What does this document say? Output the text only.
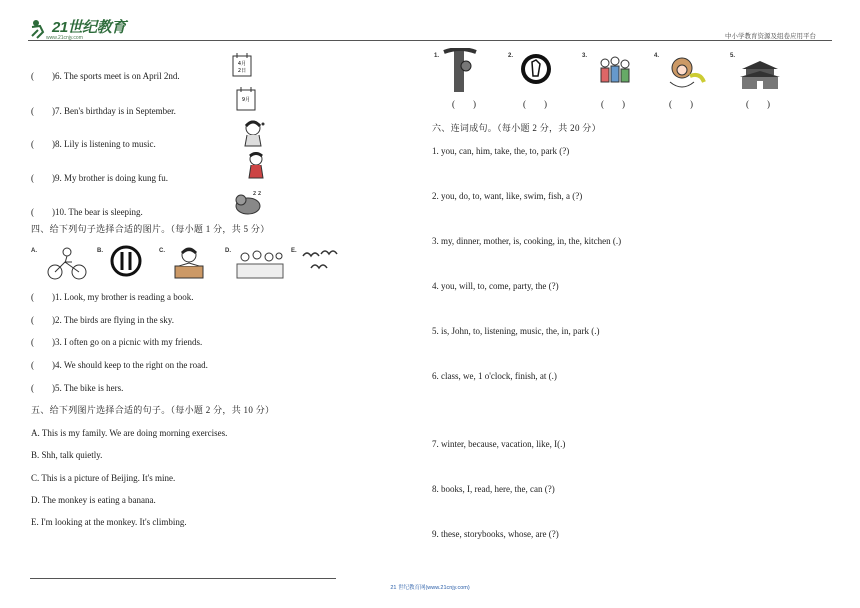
21世纪教育
www.21cnjy.com	中小学教育资源及组卷应用平台
( )6. The sports meet is on April 2nd.
( )7. Ben's birthday is in September.
( )8. Lily is listening to music.
( )9. My brother is doing kung fu.
( )10. The bear is sleeping.
4月
2日
9月
z z
四、给下列句子选择合适的图片。（每小题 1 分，共 5 分）
A.	B.	C.	D.	E.
( )1. Look, my brother is reading a book.
( )2. The birds are flying in the sky.
( )3. I often go on a picnic with my friends.
( )4. We should keep to the right on the road.
( )5. The bike is hers.
五、给下列图片选择合适的句子。（每小题 2 分，共 10 分）
A. This is my family. We are doing morning exercises.
B. Shh, talk quietly.
C. This is a picture of Beijing. It's mine.
D. The monkey is eating a banana.
E. I'm looking at the monkey. It's climbing.
1.	2.	3.	4.	5.
( )	( )	( )	( )	( )
六、连词成句。（每小题 2 分，共 20 分）
1. you, can, him, take, the, to, park (?)
2. you, do, to, want, like, swim, fish, a (?)
3. my, dinner, mother, is, cooking, in, the, kitchen (.)
4. you, will, to, come, party, the (?)
5. is, John, to, listening, music, the, in, park (.)
6. class, we, 1 o'clock, finish, at (.)
7. winter, because, vacation, like, I(.)
8. books, I, read, here, the, can (?)
9. these, storybooks, whose, are (?)
21 世纪教育网(www.21cnjy.com)
